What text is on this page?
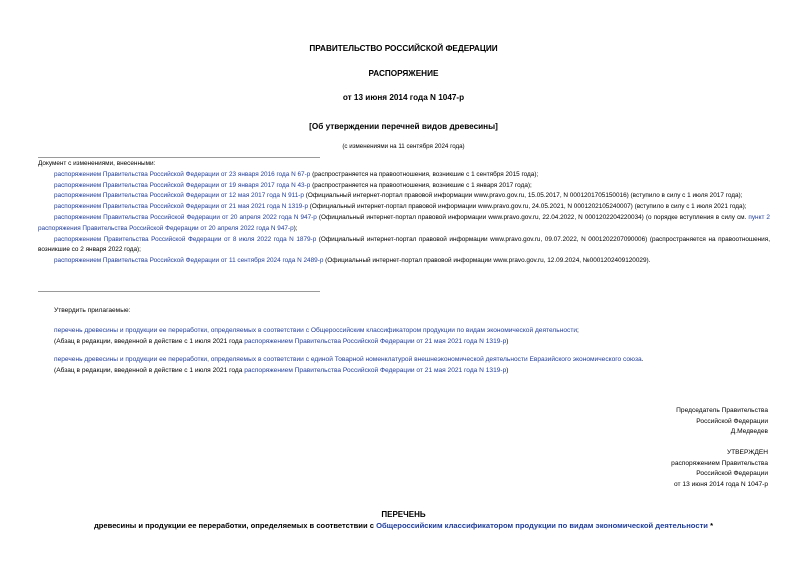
ПРАВИТЕЛЬСТВО РОССИЙСКОЙ ФЕДЕРАЦИИ
РАСПОРЯЖЕНИЕ
от 13 июня 2014 года N 1047-р
[Об утверждении перечней видов древесины]
(с изменениями на 11 сентября 2024 года)

Документ с изменениями, внесенными:

распоряжением Правительства Российской Федерации от 23 января 2016 года N 67-р (распространяется на правоотношения, возникшие с 1 сентября 2015 года);

распоряжением Правительства Российской Федерации от 19 января 2017 года N 43-р (распространяется на правоотношения, возникшие с 1 января 2017 года);

распоряжением Правительства Российской Федерации от 12 мая 2017 года N 911-р (Официальный интернет-портал правовой информации www.pravo.gov.ru, 15.05.2017, N 0001201705150016) (вступило в силу с 1 июля 2017 года);

распоряжением Правительства Российской Федерации от 21 мая 2021 года N 1319-р (Официальный интернет-портал правовой информации www.pravo.gov.ru, 24.05.2021, N 0001202105240007) (вступило в силу с 1 июля 2021 года);

распоряжением Правительства Российской Федерации от 20 апреля 2022 года N 947-р (Официальный интернет-портал правовой информации www.pravo.gov.ru, 22.04.2022, N 0001202204220034) (о порядке вступления в силу см. пункт 2 распоряжения Правительства Российской Федерации от 20 апреля 2022 года N 947-р);

распоряжением Правительства Российской Федерации от 8 июля 2022 года N 1879-р (Официальный интернет-портал правовой информации www.pravo.gov.ru, 09.07.2022, N 0001202207090006) (распространяется на правоотношения, возникшие со 2 января 2022 года);

распоряжением Правительства Российской Федерации от 11 сентября 2024 года N 2489-р (Официальный интернет-портал правовой информации www.pravo.gov.ru, 12.09.2024, №0001202409120029).

Утвердить прилагаемые:

перечень древесины и продукции ее переработки, определяемых в соответствии с Общероссийским классификатором продукции по видам экономической деятельности;

(Абзац в редакции, введенной в действие с 1 июля 2021 года распоряжением Правительства Российской Федерации от 21 мая 2021 года N 1319-р)

перечень древесины и продукции ее переработки, определяемых в соответствии с единой Товарной номенклатурой внешнеэкономической деятельности Евразийского экономического союза.

(Абзац в редакции, введенной в действие с 1 июля 2021 года распоряжением Правительства Российской Федерации от 21 мая 2021 года N 1319-р)

Председатель Правительства
Российской Федерации
Д.Медведев
УТВЕРЖДЕН
распоряжением Правительства
Российской Федерации
от 13 июня 2014 года N 1047-р
ПЕРЕЧЕНЬ
древесины и продукции ее переработки, определяемых в соответствии с Общероссийским классификатором продукции по видам экономической деятельности *
